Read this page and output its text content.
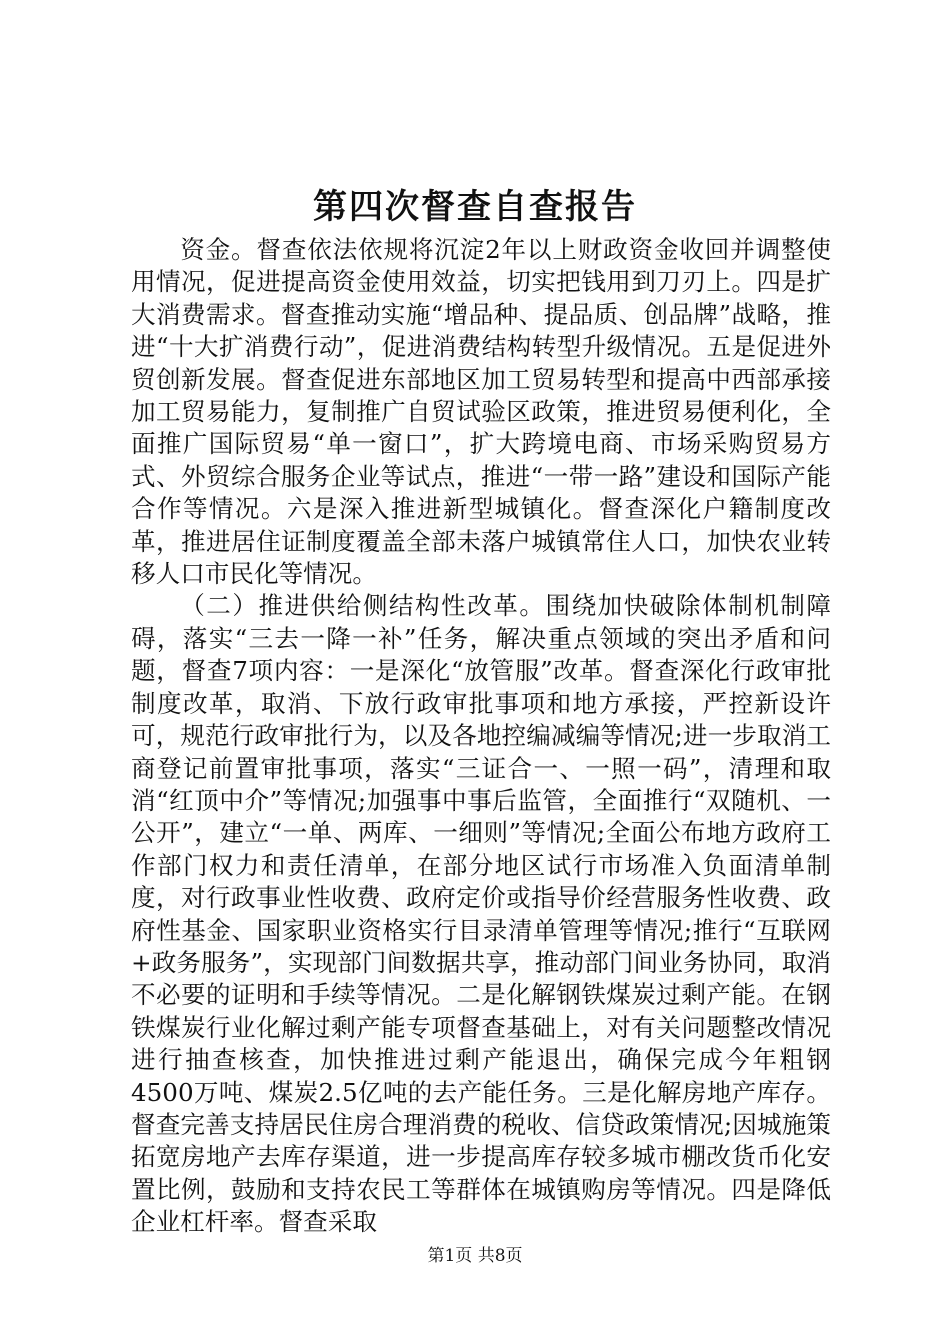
第四次督查自查报告

资金。督查依法依规将沉淀2年以上财政资金收回并调整使用情况，促进提高资金使用效益，切实把钱用到刀刃上。四是扩大消费需求。督查推动实施“增品种、提品质、创品牌”战略，推进“十大扩消费行动”，促进消费结构转型升级情况。五是促进外贸创新发展。督查促进东部地区加工贸易转型和提高中西部承接加工贸易能力，复制推广自贸试验区政策，推进贸易便利化，全面推广国际贸易“单一窗口”，扩大跨境电商、市场采购贸易方式、外贸综合服务企业等试点，推进“一带一路”建设和国际产能合作等情况。六是深入推进新型城镇化。督查深化户籍制度改革，推进居住证制度覆盖全部未落户城镇常住人口，加快农业转移人口市民化等情况。

（二）推进供给侧结构性改革。围绕加快破除体制机制障碍，落实“三去一降一补”任务，解决重点领域的突出矛盾和问题，督查7项内容：一是深化“放管服”改革。督查深化行政审批制度改革，取消、下放行政审批事项和地方承接，严控新设许可，规范行政审批行为，以及各地控编减编等情况;进一步取消工商登记前置审批事项，落实“三证合一、一照一码”，清理和取消“红顶中介”等情况;加强事中事后监管，全面推行“双随机、一公开”，建立“一单、两库、一细则”等情况;全面公布地方政府工作部门权力和责任清单，在部分地区试行市场准入负面清单制度，对行政事业性收费、政府定价或指导价经营服务性收费、政府性基金、国家职业资格实行目录清单管理等情况;推行“互联网+政务服务”，实现部门间数据共享，推动部门间业务协同，取消不必要的证明和手续等情况。二是化解钢铁煤炭过剩产能。在钢铁煤炭行业化解过剩产能专项督查基础上，对有关问题整改情况进行抽查核查，加快推进过剩产能退出，确保完成今年粗钢4500万吨、煤炭2.5亿吨的去产能任务。三是化解房地产库存。督查完善支持居民住房合理消费的税收、信贷政策情况;因城施策拓宽房地产去库存渠道，进一步提高库存较多城市棚改货币化安置比例，鼓励和支持农民工等群体在城镇购房等情况。四是降低企业杠杆率。督查采取

第1页 共8页
